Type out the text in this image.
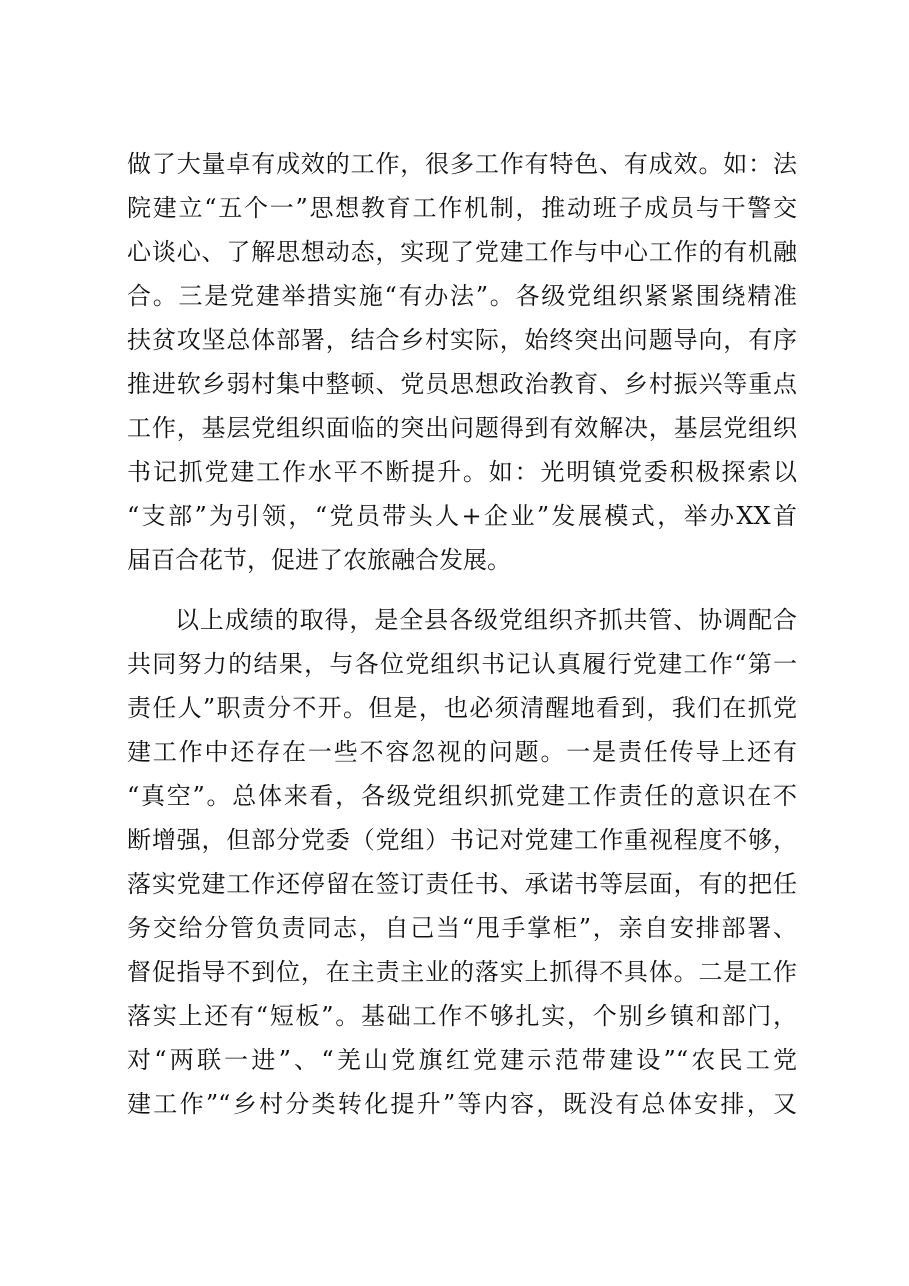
做了大量卓有成效的工作，很多工作有特色、有成效。如：法
院建立“五个一”思想教育工作机制，推动班子成员与干警交
心谈心、了解思想动态，实现了党建工作与中心工作的有机融
合。三是党建举措实施“有办法”。各级党组织紧紧围绕精准
扶贫攻坚总体部署，结合乡村实际，始终突出问题导向，有序
推进软乡弱村集中整顿、党员思想政治教育、乡村振兴等重点
工作，基层党组织面临的突出问题得到有效解决，基层党组织
书记抓党建工作水平不断提升。如：光明镇党委积极探索以
“支部”为引领，“党员带头人+企业”发展模式，举办XX首
届百合花节，促进了农旅融合发展。
以上成绩的取得，是全县各级党组织齐抓共管、协调配合
共同努力的结果，与各位党组织书记认真履行党建工作“第一
责任人”职责分不开。但是，也必须清醒地看到，我们在抓党
建工作中还存在一些不容忽视的问题。一是责任传导上还有
“真空”。总体来看，各级党组织抓党建工作责任的意识在不
断增强，但部分党委（党组）书记对党建工作重视程度不够，
落实党建工作还停留在签订责任书、承诺书等层面，有的把任
务交给分管负责同志，自己当“甩手掌柜”，亲自安排部署、
督促指导不到位，在主责主业的落实上抓得不具体。二是工作
落实上还有“短板”。基础工作不够扎实，个别乡镇和部门，
对“两联一进”、“羌山党旗红党建示范带建设”“农民工党
建工作”“乡村分类转化提升”等内容，既没有总体安排，又
